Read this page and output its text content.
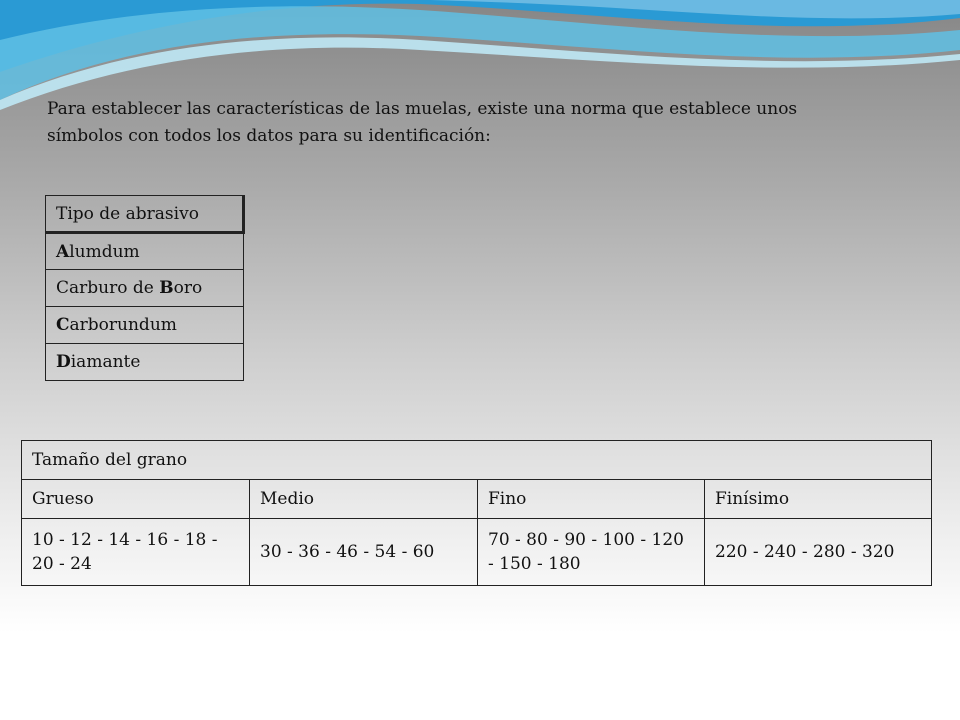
Para establecer las características de las muelas, existe una norma que establece unos
símbolos con todos los datos para su identificación:

Tipo de abrasivo
Alumdum
Carburo de Boro
Carborundum
Diamante
Tamaño del grano			
Grueso	Medio	Fino	Finísimo
10 - 12 - 14 - 16 - 18 - 20 - 24	30 - 36 - 46 - 54 - 60	70 - 80 - 90 - 100 - 120 - 150 - 180	220 - 240 - 280 - 320
